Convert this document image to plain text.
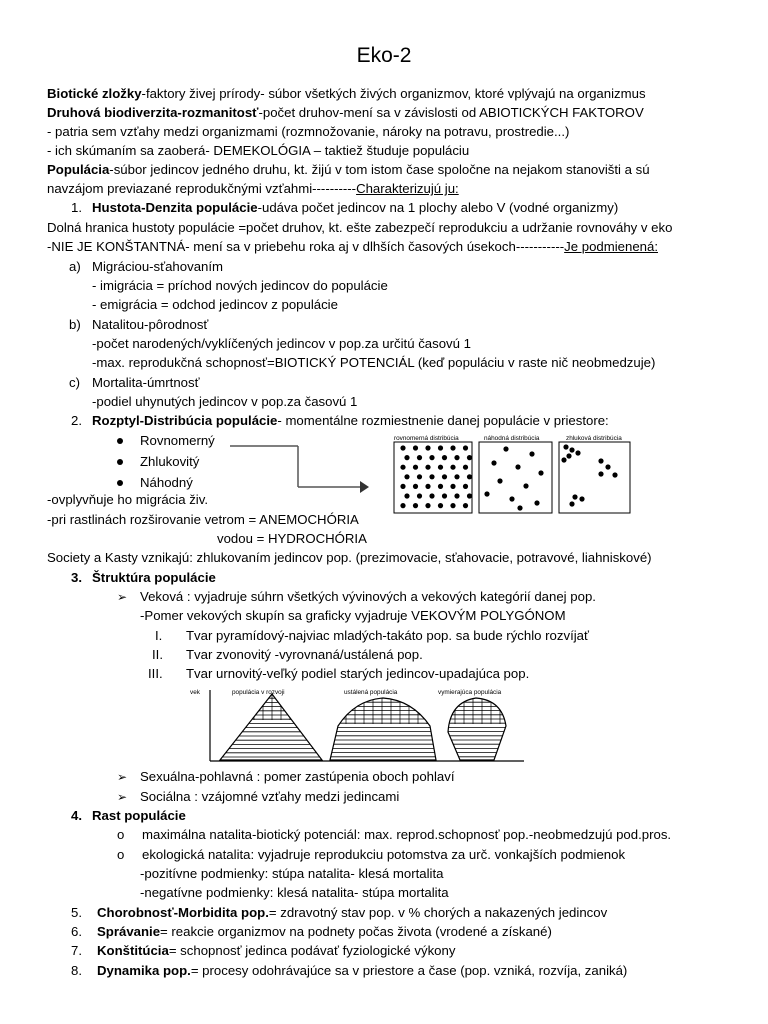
Eko-2
Biotické zložky-faktory živej prírody- súbor všetkých živých organizmov, ktoré vplývajú na organizmus
Druhová biodiverzita-rozmanitosť-počet druhov-mení sa v závislosti od ABIOTICKÝCH FAKTOROV
- patria sem vzťahy medzi organizmami (rozmnožovanie, nároky na potravu, prostredie...)
- ich skúmaním sa zaoberá- DEMEKOLÓGIA – taktiež študuje populáciu
Populácia-súbor jedincov jedného druhu, kt. žijú v tom istom čase spoločne na nejakom stanovišti a sú
navzájom previazané reprodukčnými vzťahmi----------Charakterizujú ju:
1. Hustota-Denzita populácie-udáva počet jedincov na 1 plochy alebo V (vodné organizmy)
Dolná hranica hustoty populácie =počet druhov, kt. ešte zabezpečí reprodukciu a udržanie rovnováhy v eko
-NIE JE KONŠTANTNÁ- mení sa v priebehu roka aj v dlhších časových úsekoch-----------Je podmienená:
a) Migráciou-sťahovaním
- imigrácia = príchod nových jedincov do populácie
- emigrácia = odchod jedincov z populácie
b) Natalitou-pôrodnosť
-počet narodených/vyklíčených jedincov v pop.za určitú časovú 1
-max. reprodukčná schopnosť=BIOTICKÝ POTENCIÁL (keď populáciu v raste nič neobmedzuje)
c) Mortalita-úmrtnosť
-podiel uhynutých jedincov v pop.za časovú 1
2. Rozptyl-Distribúcia populácie- momentálne rozmiestnenie danej populácie v priestore:
Rovnomerný
Zhlukovitý
Náhodný
rovnomerná distribúcia	náhodná distribúcia	zhluková distribúcia
-ovplyvňuje ho migrácia živ.
-pri rastlinách rozširovanie vetrom = ANEMOCHÓRIA
vodou = HYDROCHÓRIA
Society a Kasty vznikajú: zhlukovaním jedincov pop. (prezimovacie, sťahovacie, potravové, liahniskové)
3. Štruktúra populácie
➢ Veková : vyjadruje súhrn všetkých vývinových a vekových kategórií danej pop.
-Pomer vekových skupín sa graficky vyjadruje VEKOVÝM POLYGÓNOM
I. Tvar pyramídový-najviac mladých-takáto pop. sa bude rýchlo rozvíjať
II. Tvar zvonovitý -vyrovnaná/ustálená pop.
III. Tvar urnovitý-veľký podiel starých jedincov-upadajúca pop.
vek	populácia v rozvoji	ustálená populácia	vymierajúca populácia
➢ Sexuálna-pohlavná : pomer zastúpenia oboch pohlaví
➢ Sociálna : vzájomné vzťahy medzi jedincami
4. Rast populácie
o maximálna natalita-biotický potenciál: max. reprod.schopnosť pop.-neobmedzujú pod.pros.
o ekologická natalita: vyjadruje reprodukciu potomstva za urč. vonkajších podmienok
-pozitívne podmienky: stúpa natalita- klesá mortalita
-negatívne podmienky: klesá natalita- stúpa mortalita
5. Chorobnosť-Morbidita pop.= zdravotný stav pop. v % chorých a nakazených jedincov
6. Správanie= reakcie organizmov na podnety počas života (vrodené a získané)
7. Konštitúcia= schopnosť jedinca podávať fyziologické výkony
8. Dynamika pop.= procesy odohrávajúce sa v priestore a čase (pop. vzniká, rozvíja, zaniká)
